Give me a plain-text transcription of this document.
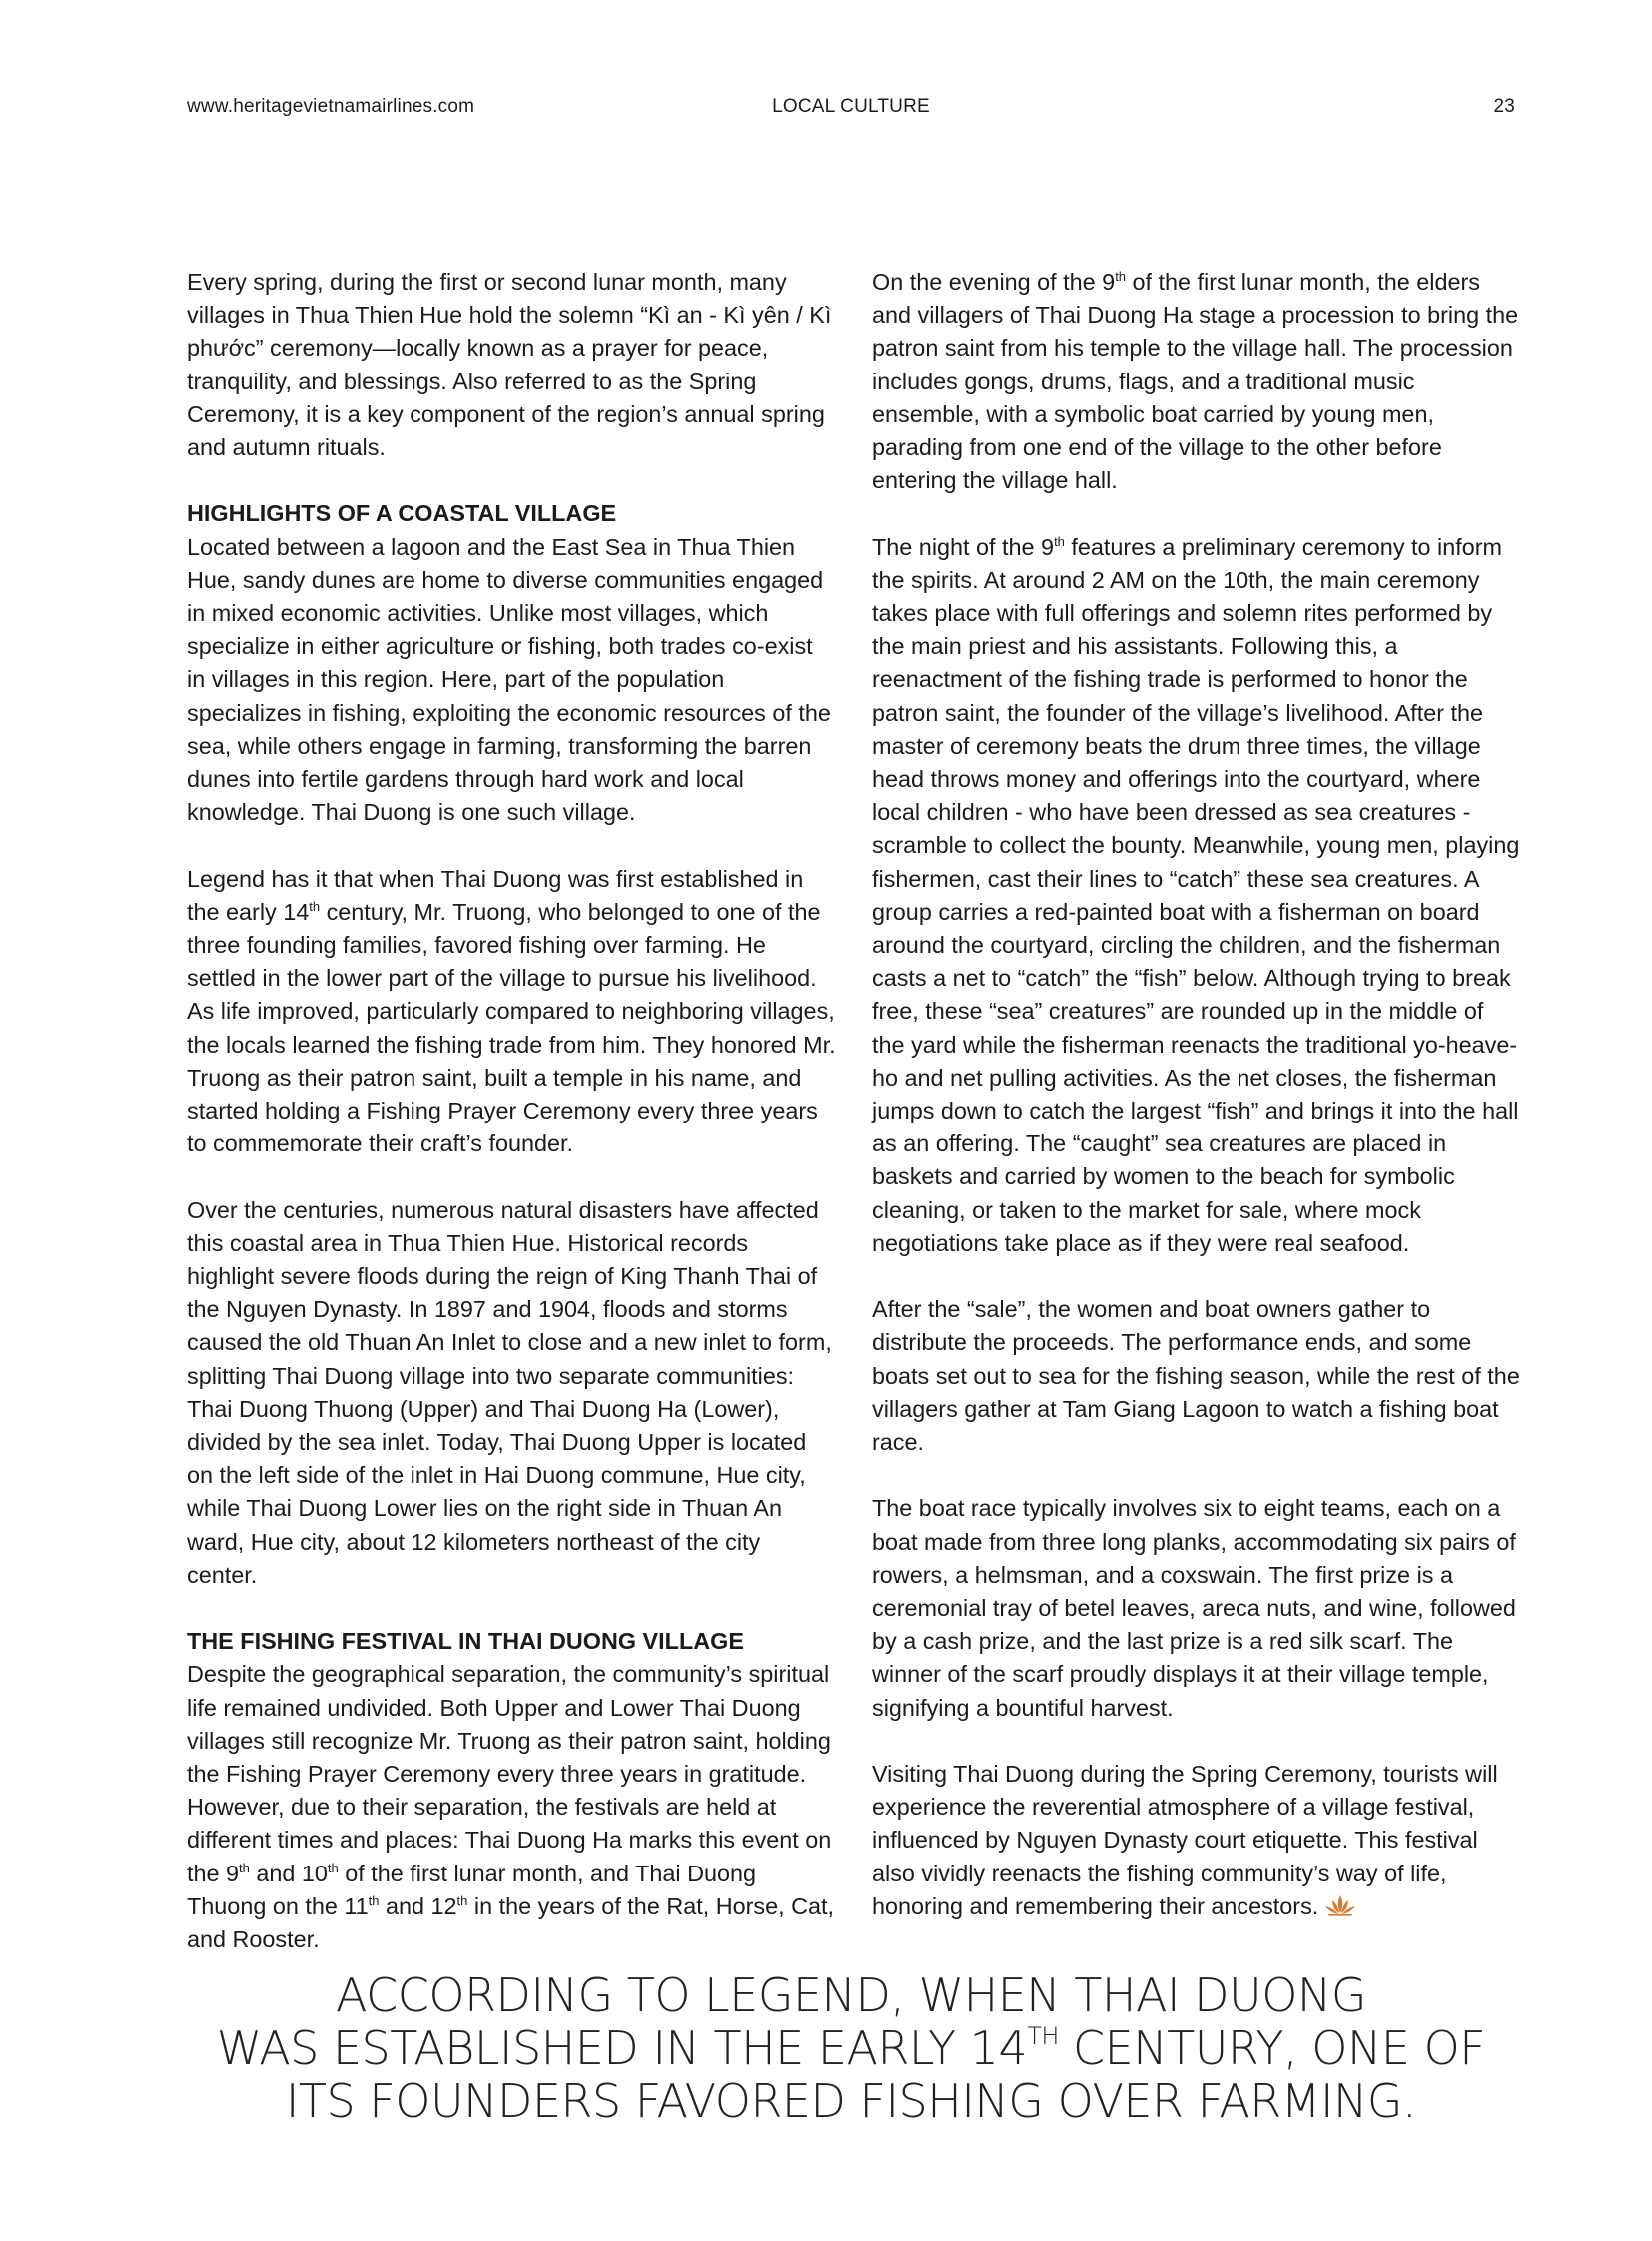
www.heritagevietnamairlines.com	LOCAL CULTURE	23

Every spring, during the first or second lunar month, many villages in Thua Thien Hue hold the solemn “Kì an - Kì yên / Kì phước” ceremony—locally known as a prayer for peace, tranquility, and blessings. Also referred to as the Spring Ceremony, it is a key component of the region’s annual spring and autumn rituals.

HIGHLIGHTS OF A COASTAL VILLAGE
Located between a lagoon and the East Sea in Thua Thien Hue, sandy dunes are home to diverse communities engaged in mixed economic activities. Unlike most villages, which specialize in either agriculture or fishing, both trades co-exist in villages in this region. Here, part of the population specializes in fishing, exploiting the economic resources of the sea, while others engage in farming, transforming the barren dunes into fertile gardens through hard work and local knowledge. Thai Duong is one such village.

Legend has it that when Thai Duong was first established in the early 14th century, Mr. Truong, who belonged to one of the three founding families, favored fishing over farming. He settled in the lower part of the village to pursue his livelihood. As life improved, particularly compared to neighboring villages, the locals learned the fishing trade from him. They honored Mr. Truong as their patron saint, built a temple in his name, and started holding a Fishing Prayer Ceremony every three years to commemorate their craft’s founder.

Over the centuries, numerous natural disasters have affected this coastal area in Thua Thien Hue. Historical records highlight severe floods during the reign of King Thanh Thai of the Nguyen Dynasty. In 1897 and 1904, floods and storms caused the old Thuan An Inlet to close and a new inlet to form, splitting Thai Duong village into two separate communities: Thai Duong Thuong (Upper) and Thai Duong Ha (Lower), divided by the sea inlet. Today, Thai Duong Upper is located on the left side of the inlet in Hai Duong commune, Hue city, while Thai Duong Lower lies on the right side in Thuan An ward, Hue city, about 12 kilometers northeast of the city center.

THE FISHING FESTIVAL IN THAI DUONG VILLAGE
Despite the geographical separation, the community’s spiritual life remained undivided. Both Upper and Lower Thai Duong villages still recognize Mr. Truong as their patron saint, holding the Fishing Prayer Ceremony every three years in gratitude. However, due to their separation, the festivals are held at different times and places: Thai Duong Ha marks this event on the 9th and 10th of the first lunar month, and Thai Duong Thuong on the 11th and 12th in the years of the Rat, Horse, Cat, and Rooster.

On the evening of the 9th of the first lunar month, the elders and villagers of Thai Duong Ha stage a procession to bring the patron saint from his temple to the village hall. The procession includes gongs, drums, flags, and a traditional music ensemble, with a symbolic boat carried by young men, parading from one end of the village to the other before entering the village hall.

The night of the 9th features a preliminary ceremony to inform the spirits. At around 2 AM on the 10th, the main ceremony takes place with full offerings and solemn rites performed by the main priest and his assistants. Following this, a reenactment of the fishing trade is performed to honor the patron saint, the founder of the village’s livelihood. After the master of ceremony beats the drum three times, the village head throws money and offerings into the courtyard, where local children - who have been dressed as sea creatures - scramble to collect the bounty. Meanwhile, young men, playing fishermen, cast their lines to “catch” these sea creatures. A group carries a red-painted boat with a fisherman on board around the courtyard, circling the children, and the fisherman casts a net to “catch” the “fish” below. Although trying to break free, these “sea” creatures” are rounded up in the middle of the yard while the fisherman reenacts the traditional yo-heave-ho and net pulling activities. As the net closes, the fisherman jumps down to catch the largest “fish” and brings it into the hall as an offering. The “caught” sea creatures are placed in baskets and carried by women to the beach for symbolic cleaning, or taken to the market for sale, where mock negotiations take place as if they were real seafood.

After the “sale”, the women and boat owners gather to distribute the proceeds. The performance ends, and some boats set out to sea for the fishing season, while the rest of the villagers gather at Tam Giang Lagoon to watch a fishing boat race.

The boat race typically involves six to eight teams, each on a boat made from three long planks, accommodating six pairs of rowers, a helmsman, and a coxswain. The first prize is a ceremonial tray of betel leaves, areca nuts, and wine, followed by a cash prize, and the last prize is a red silk scarf. The winner of the scarf proudly displays it at their village temple, signifying a bountiful harvest.

Visiting Thai Duong during the Spring Ceremony, tourists will experience the reverential atmosphere of a village festival, influenced by Nguyen Dynasty court etiquette. This festival also vividly reenacts the fishing community’s way of life, honoring and remembering their ancestors.

ACCORDING TO LEGEND, WHEN THAI DUONG
WAS ESTABLISHED IN THE EARLY 14TH CENTURY, ONE OF
ITS FOUNDERS FAVORED FISHING OVER FARMING.
